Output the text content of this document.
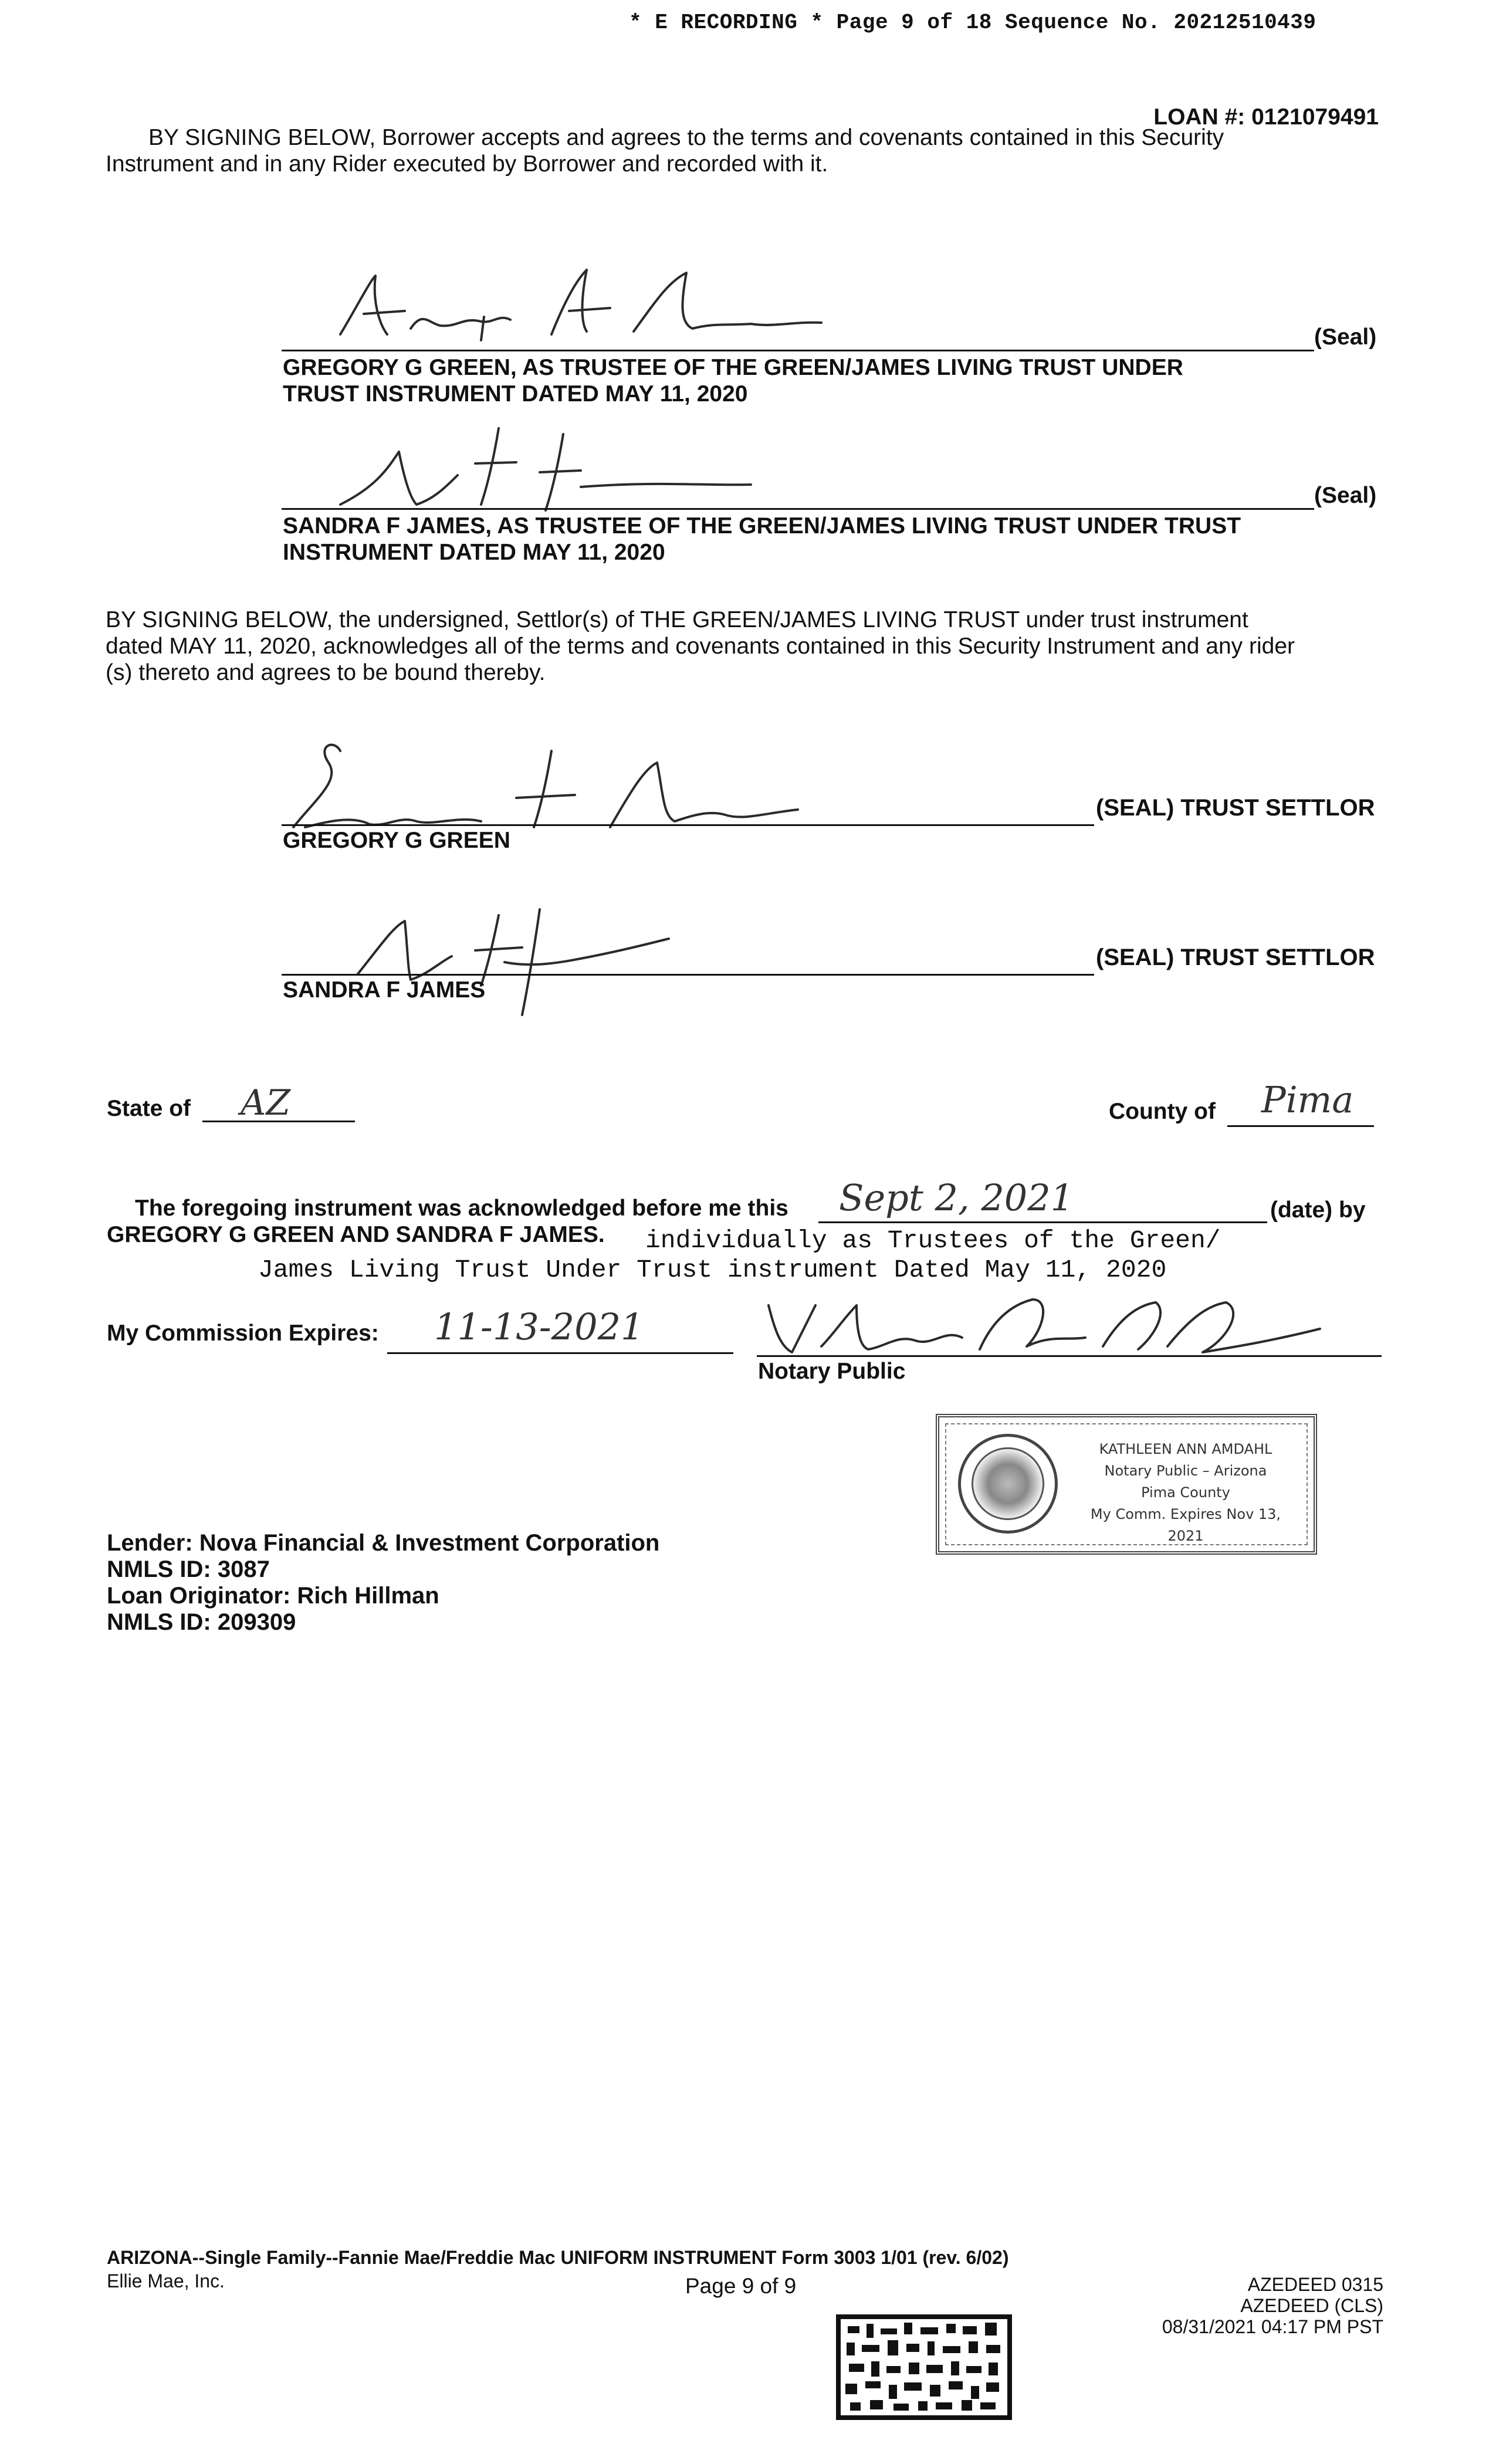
* E RECORDING * Page 9 of 18 Sequence No. 20212510439
LOAN #: 0121079491
BY SIGNING BELOW, Borrower accepts and agrees to the terms and covenants contained in this Security
Instrument and in any Rider executed by Borrower and recorded with it.
(Seal)
GREGORY G GREEN, AS TRUSTEE OF THE GREEN/JAMES LIVING TRUST UNDER
TRUST INSTRUMENT DATED MAY 11, 2020
(Seal)
SANDRA F JAMES, AS TRUSTEE OF THE GREEN/JAMES LIVING TRUST UNDER TRUST
INSTRUMENT DATED MAY 11, 2020
BY SIGNING BELOW, the undersigned, Settlor(s) of THE GREEN/JAMES LIVING TRUST under trust instrument
dated MAY 11, 2020, acknowledges all of the terms and covenants contained in this Security Instrument and any rider
(s) thereto and agrees to be bound thereby.
(SEAL) TRUST SETTLOR
GREGORY G GREEN
(SEAL) TRUST SETTLOR
SANDRA F JAMES
State of AZ	County of Pima
The foregoing instrument was acknowledged before me this Sept 2, 2021	(date) by
GREGORY G GREEN AND SANDRA F JAMES. individually as Trustees of the Green/
James Living Trust Under Trust instrument Dated May 11, 2020
My Commission Expires: 11-13-2021
Notary Public
KATHLEEN ANN AMDAHL
Notary Public – Arizona
Pima County
My Comm. Expires Nov 13, 2021
Lender: Nova Financial & Investment Corporation
NMLS ID: 3087
Loan Originator: Rich Hillman
NMLS ID: 209309
ARIZONA--Single Family--Fannie Mae/Freddie Mac UNIFORM INSTRUMENT Form 3003 1/01 (rev. 6/02)
Ellie Mae, Inc.	Page 9 of 9	AZEDEED 0315
AZEDEED (CLS)
08/31/2021 04:17 PM PST
